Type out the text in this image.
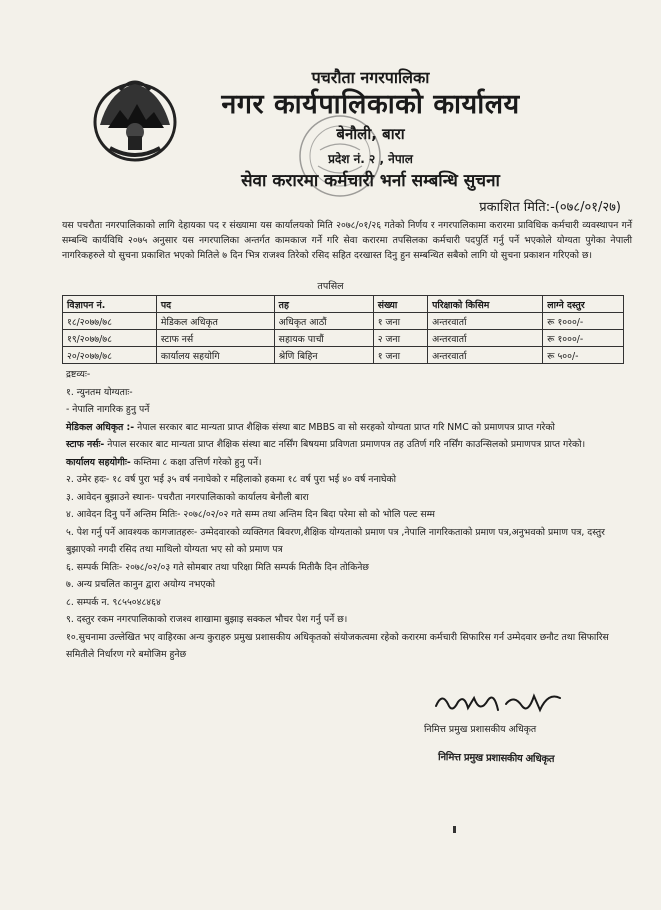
पचरौता नगरपालिका
नगर कार्यपालिकाको कार्यालय
बेनौली, बारा
प्रदेश नं. २ , नेपाल
सेवा करारमा कर्मचारी भर्ना सम्बन्धि सुचना
प्रकाशित मिति:-(०७८/०१/२७)
यस पचरौता नगरपालिकाको लागि देहायका पद र संख्यामा यस कार्यालयको मिति २०७८/०१/२६ गतेको निर्णय र नगरपालिकामा करारमा प्राविधिक कर्मचारी व्यवस्थापन गर्ने सम्बन्धि कार्यविधि २०७५ अनुसार यस नगरपालिका अन्तर्गत कामकाज गर्ने गरि सेवा करारमा तपसिलका कर्मचारी पदपुर्ति गर्नु पर्ने भएकोले योग्यता पुगेका नेपाली नागरिकहरुले यो सुचना प्रकाशित भएको मितिले ७ दिन भित्र राजश्व तिरेको रसिद सहित दरखास्त दिनु हुन सम्बन्धित सबैको लागि यो सुचना प्रकाशन गरिएको छ।
तपसिल
विज्ञापन नं.	पद	तह	संख्या	परिक्षाको किसिम	लाग्ने दस्तुर
१८/२०७७/७८	मेडिकल अधिकृत	अधिकृत आठौं	१ जना	अन्तरवार्ता	रू १०००/-
१९/२०७७/७८	स्टाफ नर्स	सहायक पाचौं	२ जना	अन्तरवार्ता	रू १०००/-
२०/२०७७/७८	कार्यालय सहयोगि	श्रेणि बिहिन	१ जना	अन्तरवार्ता	रू ५००/-

द्रष्टव्यः-

१. न्युनतम योग्यताः-

- नेपालि नागरिक हुनु पर्ने

मेडिकल अधिकृत :- नेपाल सरकार बाट मान्यता प्राप्त शैक्षिक संस्था बाट MBBS वा सो सरहको योग्यता प्राप्त गरि NMC को प्रमाणपत्र प्राप्त गरेको

स्टाफ नर्सः- नेपाल सरकार बाट मान्यता प्राप्त शैक्षिक संस्था बाट नर्सिंग बिषयमा प्रविणता प्रमाणपत्र तह उतिर्ण गरि नर्सिंग काउन्सिलको प्रमाणपत्र प्राप्त गरेको।

कार्यालय सहयोगीः- कम्तिमा ८ कक्षा उत्तिर्ण गरेको हुनु पर्ने।

२. उमेर हदः- १८ वर्ष पुरा भई ३५ वर्ष ननाघेको र महिलाको हकमा १८ वर्ष पुरा भई ४० वर्ष ननाघेको

३. आवेदन बुझाउने स्थानः- पचरौता नगरपालिकाको कार्यालय बेनौली बारा

४. आवेदन दिनु पर्ने अन्तिम मितिः- २०७८/०२/०२ गते सम्म तथा अन्तिम दिन बिदा परेमा सो को भोलि पल्ट सम्म

५. पेश गर्नु पर्ने आवश्यक कागजातहरुः- उम्मेदवारको व्यक्तिगत बिवरण,शैक्षिक योग्यताको प्रमाण पत्र ,नेपालि नागरिकताको प्रमाण पत्र,अनुभवको प्रमाण पत्र, दस्तुर बुझाएको नगदी रसिद तथा माथिलो योग्यता भए सो को प्रमाण पत्र

६. सम्पर्क मितिः- २०७८/०२/०३ गते सोमबार तथा परिक्षा मिति सम्पर्क मितीकै दिन तोकिनेछ

७. अन्य प्रचलित कानुन द्वारा अयोग्य नभएको

८. सम्पर्क न. ९८५५०४८४६४

९. दस्तुर रकम नगरपालिकाको राजश्व शाखामा बुझाइ सक्कल भौचर पेश गर्नु पर्ने छ।

१०.सुचनामा उल्लेखित भए वाहिरका अन्य कुराहरु प्रमुख प्रशासकीय अधिकृतको संयोजकत्वमा रहेको करारमा कर्मचारी सिफारिस गर्न उम्मेदवार छनौट तथा सिफारिस समितीले निर्धारण गरे बमोजिम हुनेछ

निमित्त प्रमुख प्रशासकीय अधिकृत
निमित्त प्रमुख प्रशासकीय अधिकृत
